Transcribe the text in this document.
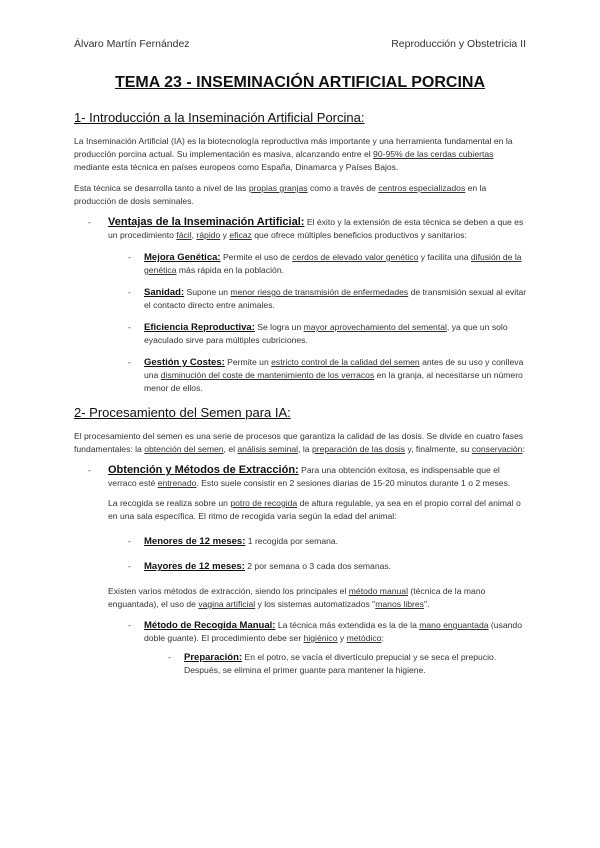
Álvaro Martín Fernández	Reproducción y Obstetricia II
TEMA 23 - INSEMINACIÓN ARTIFICIAL PORCINA
1- Introducción a la Inseminación Artificial Porcina:

La Inseminación Artificial (IA) es la biotecnología reproductiva más importante y una herramienta fundamental en la producción porcina actual. Su implementación es masiva, alcanzando entre el 90-95% de las cerdas cubiertas mediante esta técnica en países europeos como España, Dinamarca y Países Bajos.

Esta técnica se desarrolla tanto a nivel de las propias granjas como a través de centros especializados en la producción de dosis seminales.

-	Ventajas de la Inseminación Artificial: El éxito y la extensión de esta técnica se deben a que es un procedimiento fácil, rápido y eficaz que ofrece múltiples beneficios productivos y sanitarios:
-	Mejora Genética: Permite el uso de cerdos de elevado valor genético y facilita una difusión de la genética más rápida en la población.
-	Sanidad: Supone un menor riesgo de transmisión de enfermedades de transmisión sexual al evitar el contacto directo entre animales.
-	Eficiencia Reproductiva: Se logra un mayor aprovechamiento del semental, ya que un solo eyaculado sirve para múltiples cubriciones.
-	Gestión y Costes: Permite un estricto control de la calidad del semen antes de su uso y conlleva una disminución del coste de mantenimiento de los verracos en la granja, al necesitarse un número menor de ellos.
2- Procesamiento del Semen para IA:

El procesamiento del semen es una serie de procesos que garantiza la calidad de las dosis. Se divide en cuatro fases fundamentales: la obtención del semen, el análisis seminal, la preparación de las dosis y, finalmente, su conservación:

-	Obtención y Métodos de Extracción: Para una obtención exitosa, es indispensable que el verraco esté entrenado. Esto suele consistir en 2 sesiones diarias de 15-20 minutos durante 1 o 2 meses.

La recogida se realiza sobre un potro de recogida de altura regulable, ya sea en el propio corral del animal o en una sala específica. El ritmo de recogida varía según la edad del animal:

-	Menores de 12 meses: 1 recogida por semana.
-	Mayores de 12 meses: 2 por semana o 3 cada dos semanas.

Existen varios métodos de extracción, siendo los principales el método manual (técnica de la mano enguantada), el uso de vagina artificial y los sistemas automatizados "manos libres".

-	Método de Recogida Manual: La técnica más extendida es la de la mano enguantada (usando doble guante). El procedimiento debe ser higiénico y metódico:
-	Preparación: En el potro, se vacía el divertículo prepucial y se seca el prepucio. Después, se elimina el primer guante para mantener la higiene.
